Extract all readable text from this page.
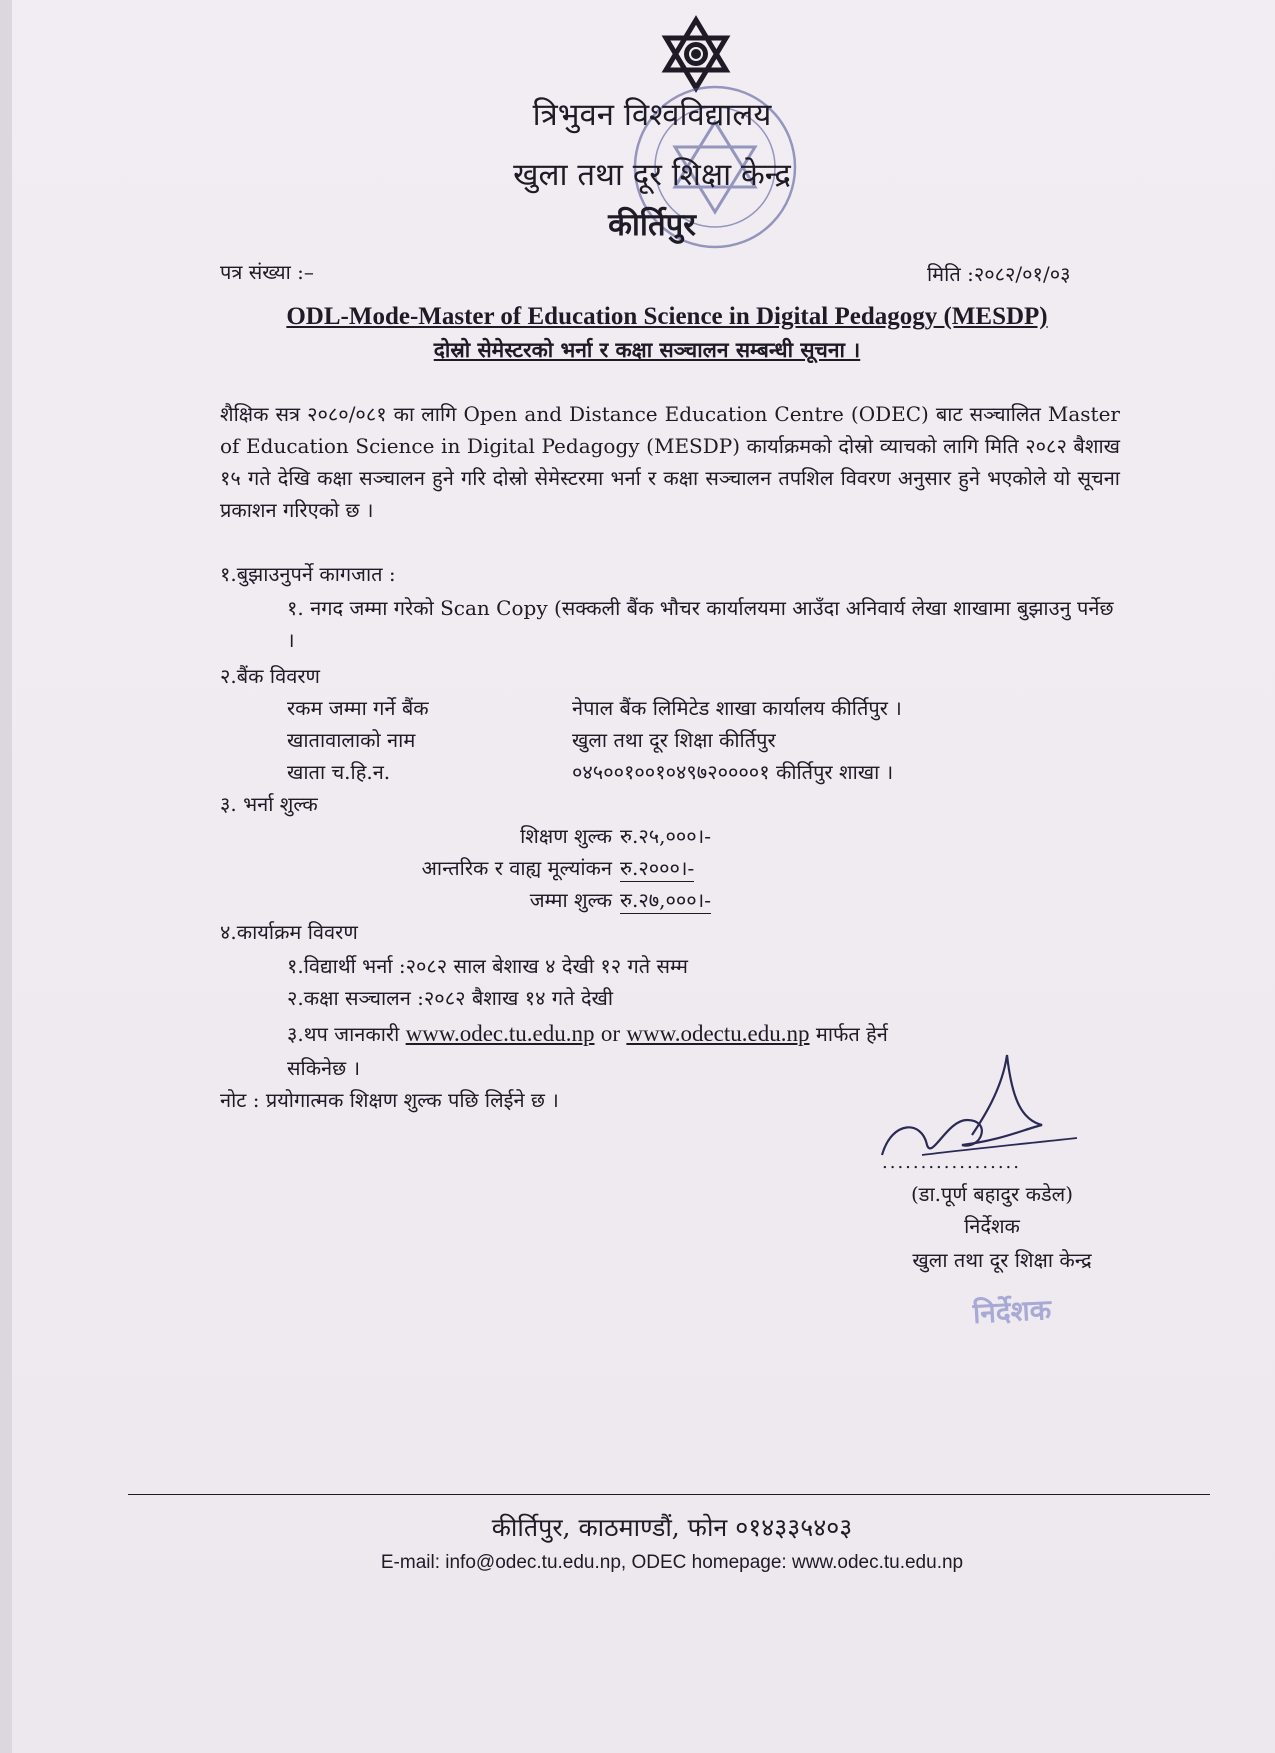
त्रिभुवन विश्वविद्यालय
खुला तथा दूर शिक्षा केन्द्र
कीर्तिपुर
पत्र संख्या :–	मिति :२०८२/०१/०३
ODL-Mode-Master of Education Science in Digital Pedagogy (MESDP)
दोस्रो सेमेस्टरको भर्ना र कक्षा सञ्चालन सम्बन्धी सूचना ।
शैक्षिक सत्र २०८०/०८१ का लागि Open and Distance Education Centre (ODEC) बाट सञ्चालित Master of Education Science in Digital Pedagogy (MESDP) कार्याक्रमको दोस्रो व्याचको लागि मिति २०८२ बैशाख १५ गते देखि कक्षा सञ्चालन हुने गरि दोस्रो सेमेस्टरमा भर्ना र कक्षा सञ्चालन तपशिल विवरण अनुसार हुने भएकोले यो सूचना प्रकाशन गरिएको छ ।
१.बुझाउनुपर्ने कागजात :
१. नगद जम्मा गरेको Scan Copy (सक्कली बैंक भौचर कार्यालयमा आउँदा अनिवार्य लेखा शाखामा बुझाउनु पर्नेछ ।
२.बैंक विवरण
रकम जम्मा गर्ने बैंक	नेपाल बैंक लिमिटेड शाखा कार्यालय कीर्तिपुर ।
खातावालाको नाम	खुला तथा दूर शिक्षा कीर्तिपुर
खाता च.हि.न.	०४५००१००१०४९७२००००१ कीर्तिपुर शाखा ।
३. भर्ना शुल्क
शिक्षण शुल्क रु.२५,०००।-
आन्तरिक र वाह्य मूल्यांकन रु.२०००।-
जम्मा शुल्क रु.२७,०००।-
४.कार्याक्रम विवरण
१.विद्यार्थी भर्ना :२०८२ साल बेशाख ४ देखी १२ गते सम्म
२.कक्षा सञ्चालन :२०८२ बैशाख १४ गते देखी
३.थप जानकारी www.odec.tu.edu.np or www.odectu.edu.np मार्फत हेर्न
सकिनेछ ।
नोट : प्रयोगात्मक शिक्षण शुल्क पछि लिईने छ ।
..................
(डा.पूर्ण बहादुर कडेल)
निर्देशक
खुला तथा दूर शिक्षा केन्द्र
निर्देशक
कीर्तिपुर, काठमाण्डौं, फोन ०१४३३५४०३
E-mail: info@odec.tu.edu.np, ODEC homepage: www.odec.tu.edu.np
